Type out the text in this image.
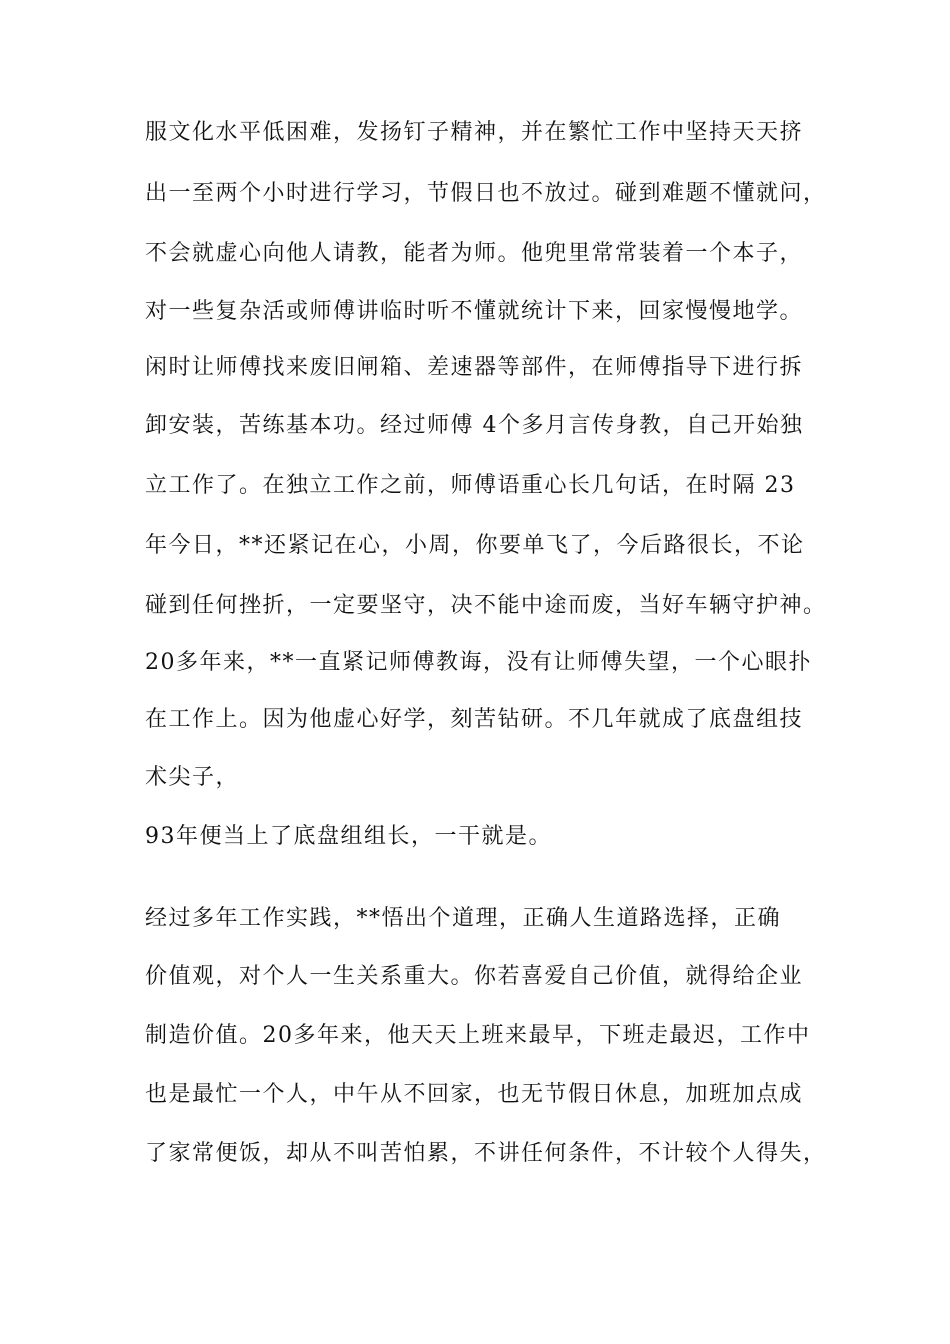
服文化水平低困难，发扬钉子精神，并在繁忙工作中坚持天天挤
出一至两个小时进行学习，节假日也不放过。碰到难题不懂就问，
不会就虚心向他人请教，能者为师。他兜里常常装着一个本子，
对一些复杂活或师傅讲临时听不懂就统计下来，回家慢慢地学。
闲时让师傅找来废旧闸箱、差速器等部件，在师傅指导下进行拆
卸安装，苦练基本功。经过师傅 4个多月言传身教，自己开始独
立工作了。在独立工作之前，师傅语重心长几句话，在时隔 23
年今日，**还紧记在心，小周，你要单飞了，今后路很长，不论
碰到任何挫折，一定要坚守，决不能中途而废，当好车辆守护神。
20多年来，**一直紧记师傅教诲，没有让师傅失望，一个心眼扑
在工作上。因为他虚心好学，刻苦钻研。不几年就成了底盘组技
术尖子，
93年便当上了底盘组组长，一干就是。
经过多年工作实践，**悟出个道理，正确人生道路选择，正确
价值观，对个人一生关系重大。你若喜爱自己价值，就得给企业
制造价值。20多年来，他天天上班来最早，下班走最迟，工作中
也是最忙一个人，中午从不回家，也无节假日休息，加班加点成
了家常便饭，却从不叫苦怕累，不讲任何条件，不计较个人得失，
